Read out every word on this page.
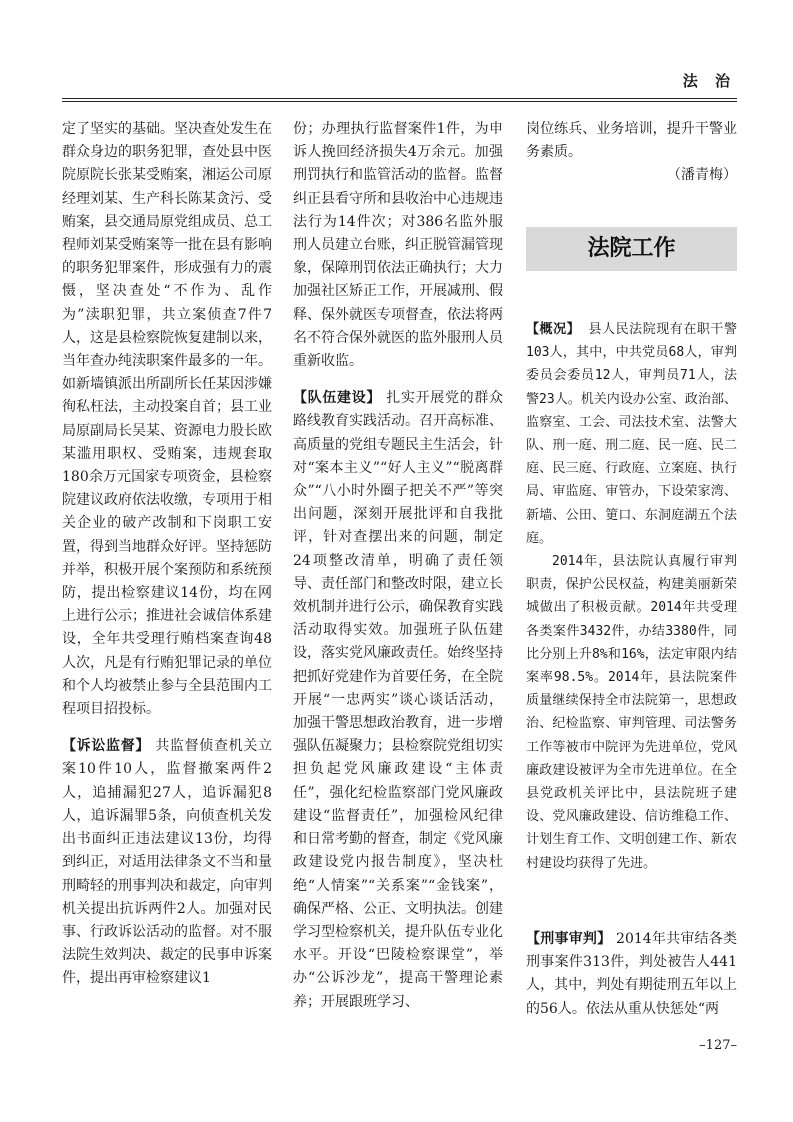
法 治

定了坚实的基础。坚决查处发生在群众身边的职务犯罪，查处县中医院原院长张某受贿案，湘运公司原经理刘某、生产科长陈某贪污、受贿案，县交通局原党组成员、总工程师刘某受贿案等一批在县有影响的职务犯罪案件，形成强有力的震慑，坚决查处“不作为、乱作为”渎职犯罪，共立案侦查7件7人，这是县检察院恢复建制以来，当年查办纯渎职案件最多的一年。如新墙镇派出所副所长任某因涉嫌徇私枉法，主动投案自首；县工业局原副局长吴某、资源电力股长欧某滥用职权、受贿案，违规套取180余万元国家专项资金，县检察院建议政府依法收缴，专项用于相关企业的破产改制和下岗职工安置，得到当地群众好评。坚持惩防并举，积极开展个案预防和系统预防，提出检察建议14份，均在网上进行公示；推进社会诚信体系建设，全年共受理行贿档案查询48人次，凡是有行贿犯罪记录的单位和个人均被禁止参与全县范围内工程项目招投标。

【诉讼监督】 共监督侦查机关立案10件10人，监督撤案两件2人，追捕漏犯27人，追诉漏犯8人，追诉漏罪5条，向侦查机关发出书面纠正违法建议13份，均得到纠正，对适用法律条文不当和量刑畸轻的刑事判决和裁定，向审判机关提出抗诉两件2人。加强对民事、行政诉讼活动的监督。对不服法院生效判决、裁定的民事申诉案件，提出再审检察建议1

份；办理执行监督案件1件，为申诉人挽回经济损失4万余元。加强刑罚执行和监管活动的监督。监督纠正县看守所和县收治中心违规违法行为14件次；对386名监外服刑人员建立台账，纠正脱管漏管现象，保障刑罚依法正确执行；大力加强社区矫正工作，开展减刑、假释、保外就医专项督查，依法将两名不符合保外就医的监外服刑人员重新收监。

【队伍建设】 扎实开展党的群众路线教育实践活动。召开高标准、高质量的党组专题民主生活会，针对“案本主义”“好人主义”“脱离群众”“八小时外圈子把关不严”等突出问题，深刻开展批评和自我批评，针对查摆出来的问题，制定24项整改清单，明确了责任领导、责任部门和整改时限，建立长效机制并进行公示，确保教育实践活动取得实效。加强班子队伍建设，落实党风廉政责任。始终坚持把抓好党建作为首要任务，在全院开展“一忠两实”谈心谈话活动，加强干警思想政治教育，进一步增强队伍凝聚力；县检察院党组切实担负起党风廉政建设“主体责任”，强化纪检监察部门党风廉政建设“监督责任”，加强检风纪律和日常考勤的督查，制定《党风廉政建设党内报告制度》，坚决杜绝“人情案”“关系案”“金钱案”，确保严格、公正、文明执法。创建学习型检察机关，提升队伍专业化水平。开设“巴陵检察课堂”，举办“公诉沙龙”，提高干警理论素养；开展跟班学习、

岗位练兵、业务培训，提升干警业务素质。

（潘青梅）

法院工作

【概况】 县人民法院现有在职干警103人，其中，中共党员68人，审判委员会委员12人，审判员71人，法警23人。机关内设办公室、政治部、监察室、工会、司法技术室、法警大队、刑一庭、刑二庭、民一庭、民二庭、民三庭、行政庭、立案庭、执行局、审监庭、审管办，下设荣家湾、新墙、公田、筻口、东洞庭湖五个法庭。

2014年，县法院认真履行审判职责，保护公民权益，构建美丽新荣城做出了积极贡献。2014年共受理各类案件3432件，办结3380件，同比分别上升8%和16%，法定审限内结案率98.5%。2014年，县法院案件质量继续保持全市法院第一，思想政治、纪检监察、审判管理、司法警务工作等被市中院评为先进单位，党风廉政建设被评为全市先进单位。在全县党政机关评比中，县法院班子建设、党风廉政建设、信访维稳工作、计划生育工作、文明创建工作、新农村建设均获得了先进。

【刑事审判】 2014年共审结各类刑事案件313件，判处被告人441人，其中，判处有期徒刑五年以上的56人。依法从重从快惩处“两

–127–
